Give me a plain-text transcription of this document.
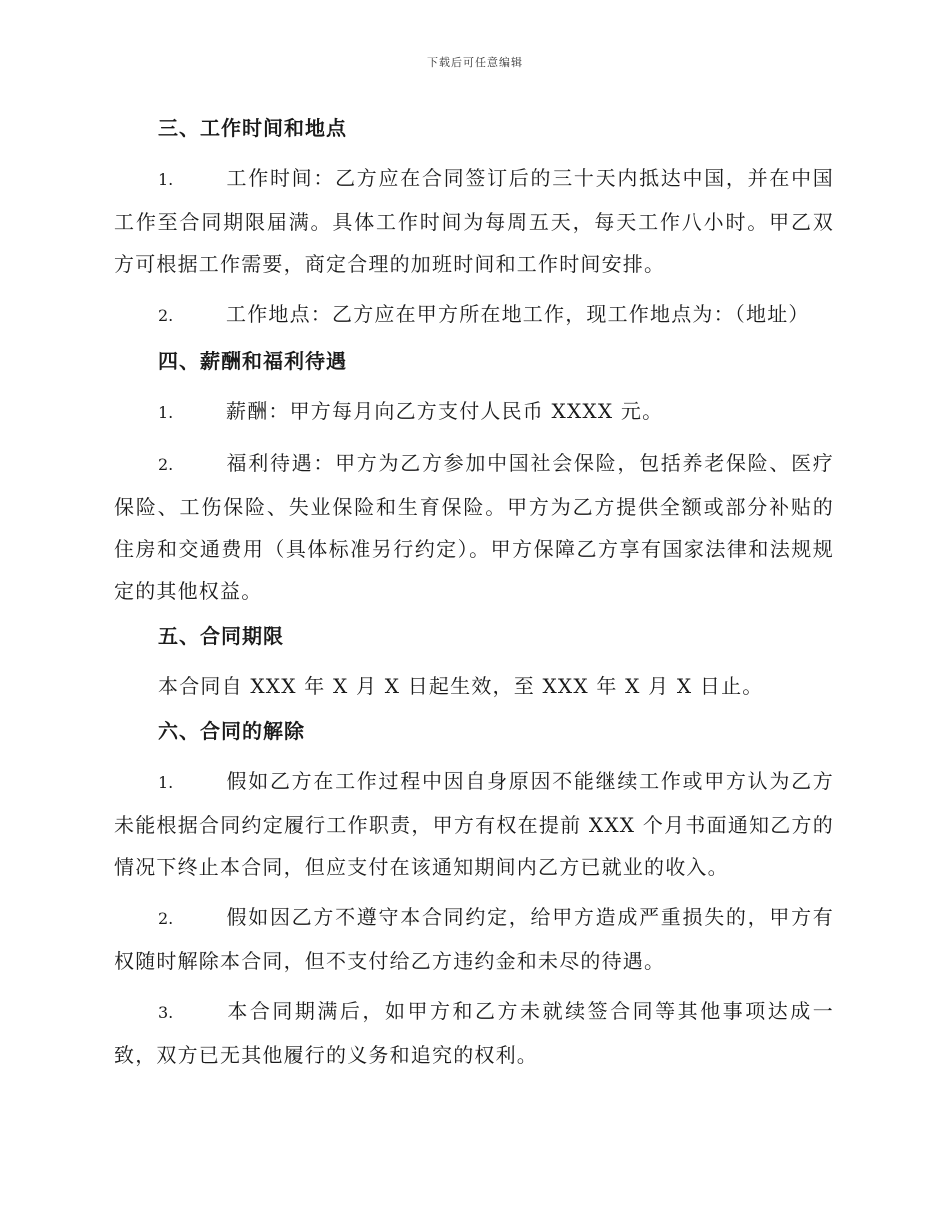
下载后可任意编辑
三、工作时间和地点

1.	工作时间：乙方应在合同签订后的三十天内抵达中国，并在中国工作至合同期限届满。具体工作时间为每周五天，每天工作八小时。甲乙双方可根据工作需要，商定合理的加班时间和工作时间安排。

2.	工作地点：乙方应在甲方所在地工作，现工作地点为：（地址）

四、薪酬和福利待遇

1.	薪酬：甲方每月向乙方支付人民币 XXXX 元。

2.	福利待遇：甲方为乙方参加中国社会保险，包括养老保险、医疗保险、工伤保险、失业保险和生育保险。甲方为乙方提供全额或部分补贴的住房和交通费用（具体标准另行约定）。甲方保障乙方享有国家法律和法规规定的其他权益。

五、合同期限

本合同自 XXX 年 X 月 X 日起生效，至 XXX 年 X 月 X 日止。

六、合同的解除

1.	假如乙方在工作过程中因自身原因不能继续工作或甲方认为乙方未能根据合同约定履行工作职责，甲方有权在提前 XXX 个月书面通知乙方的情况下终止本合同，但应支付在该通知期间内乙方已就业的收入。

2.	假如因乙方不遵守本合同约定，给甲方造成严重损失的，甲方有权随时解除本合同，但不支付给乙方违约金和未尽的待遇。

3.	本合同期满后，如甲方和乙方未就续签合同等其他事项达成一致，双方已无其他履行的义务和追究的权利。
